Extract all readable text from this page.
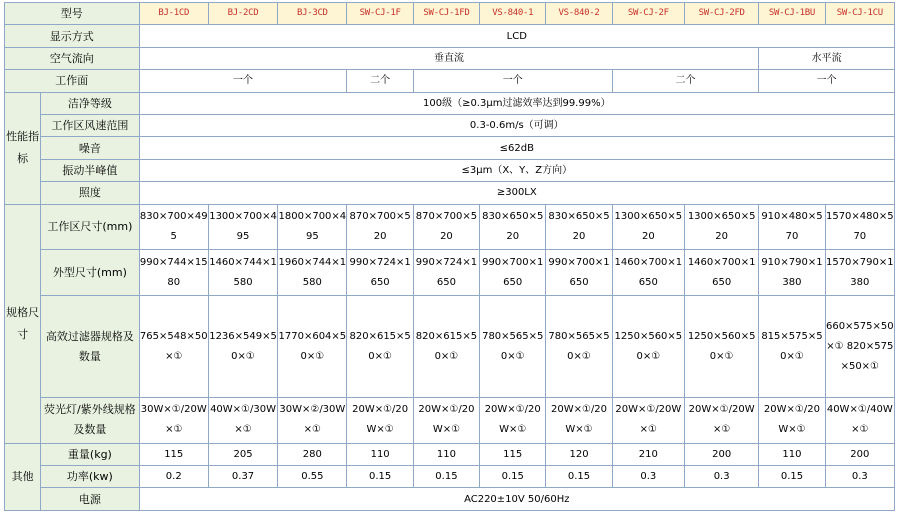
型号		BJ-1CD	BJ-2CD	BJ-3CD	SW-CJ-1F	SW-CJ-1FD	VS-840-1	VS-840-2	SW-CJ-2F	SW-CJ-2FD	SW-CJ-1BU	SW-CJ-1CU
显示方式		LCD										
空气流向		垂直流									水平流	
工作面		一个			二个	一个			二个		一个	
性能指标	洁净等级	100级（≥0.3μm过滤效率达到99.99%）										
	工作区风速范围	0.3-0.6m/s（可调）										
	噪音	≤62dB										
	振动半峰值	≤3μm（X、Y、Z方向）										
	照度	≥300LX										
规格尺寸	工作区尺寸(mm)	830×700×495	1300×700×495	1800×700×495	870×700×520	870×700×520	830×650×520	830×650×520	1300×650×520	1300×650×520	910×480×570	1570×480×570
	外型尺寸(mm)	990×744×1580	1460×744×1580	1960×744×1580	990×724×1650	990×724×1650	990×700×1650	990×700×1650	1460×700×1650	1460×700×1650	910×790×1380	1570×790×1380
	高效过滤器规格及数量	765×548×50×①	1236×549×50×①	1770×604×50×①	820×615×50×①	820×615×50×①	780×565×50×①	780×565×50×①	1250×560×50×①	1250×560×50×①	815×575×50×①	660×575×50×① 820×575×50×①
	荧光灯/紫外线规格及数量	30W×①/20W×①	40W×①/30W×①	30W×②/30W×①	20W×①/20W×①	20W×①/20W×①	20W×①/20W×①	20W×①/20W×①	20W×①/20W×①	20W×①/20W×①	20W×①/20W×①	40W×①/40W×①
其他	重量(kg)	115	205	280	110	110	115	120	210	200	110	200
	功率(kw)	0.2	0.37	0.55	0.15	0.15	0.15	0.15	0.3	0.3	0.15	0.3
	电源	AC220±10V 50/60Hz										
